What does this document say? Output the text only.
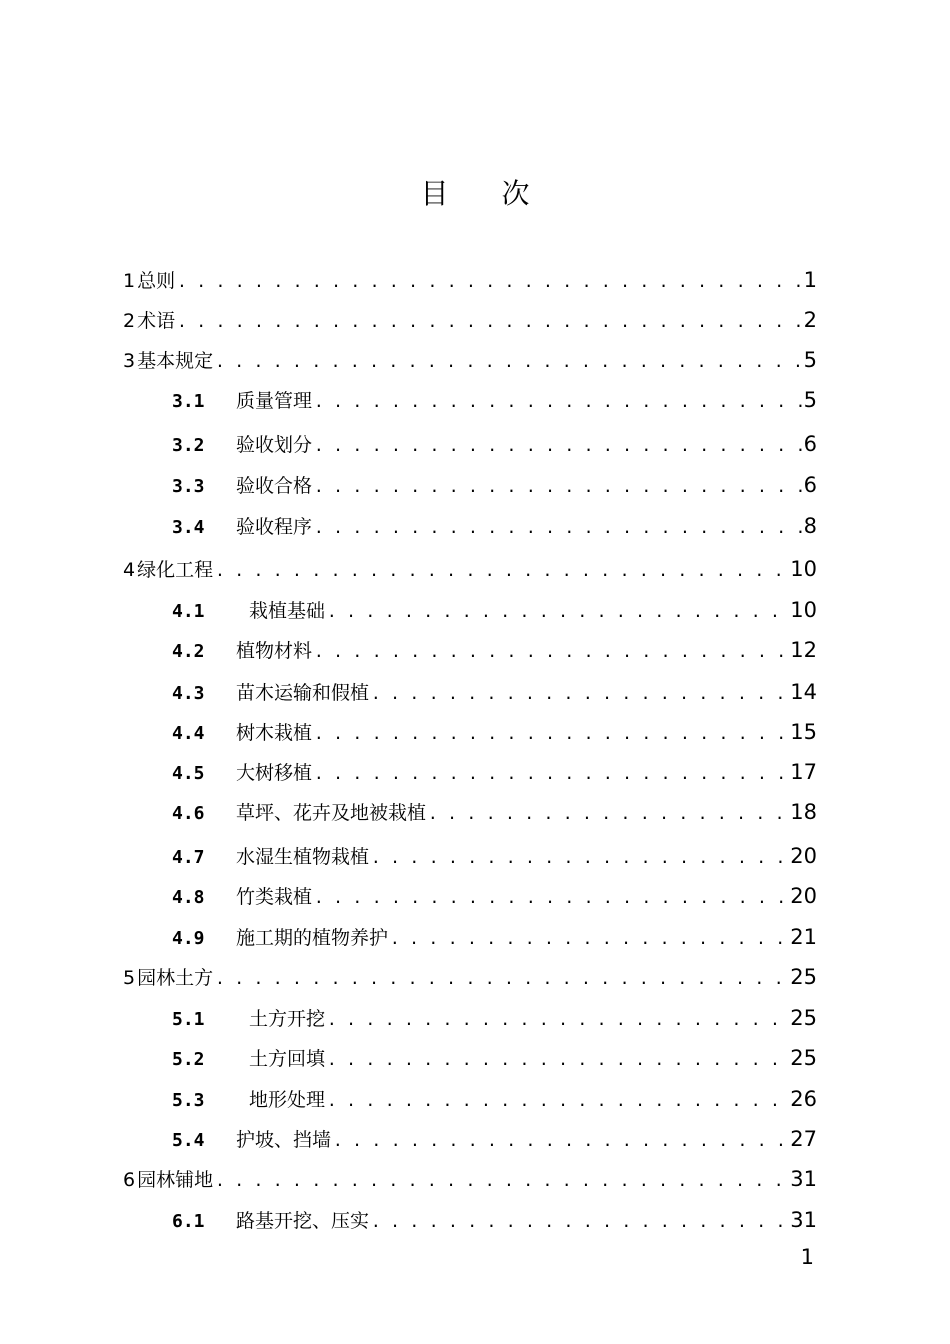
目 次
1 总则 . . .	1
2 术语 . . .	2
3 基本规定 . . .	5
3.1	质量管理 . . .	5
3.2	验收划分 . . .	6
3.3	验收合格 . . .	6
3.4	验收程序 . . .	8
4 绿化工程 . . .	10
4.1	栽植基础 . . .	10
4.2	植物材料 . . .	12
4.3	苗木运输和假植 . . .	14
4.4	树木栽植 . . .	15
4.5	大树移植 . . .	17
4.6	草坪、花卉及地被栽植 . . .	18
4.7	水湿生植物栽植 . . .	20
4.8	竹类栽植 . . .	20
4.9	施工期的植物养护 . . .	21
5 园林土方 . . .	25
5.1	土方开挖 . . .	25
5.2	土方回填 . . .	25
5.3	地形处理 . . .	26
5.4	护坡、挡墙 . . .	27
6 园林铺地 . . .	31
6.1	路基开挖、压实 . . .	31
1
